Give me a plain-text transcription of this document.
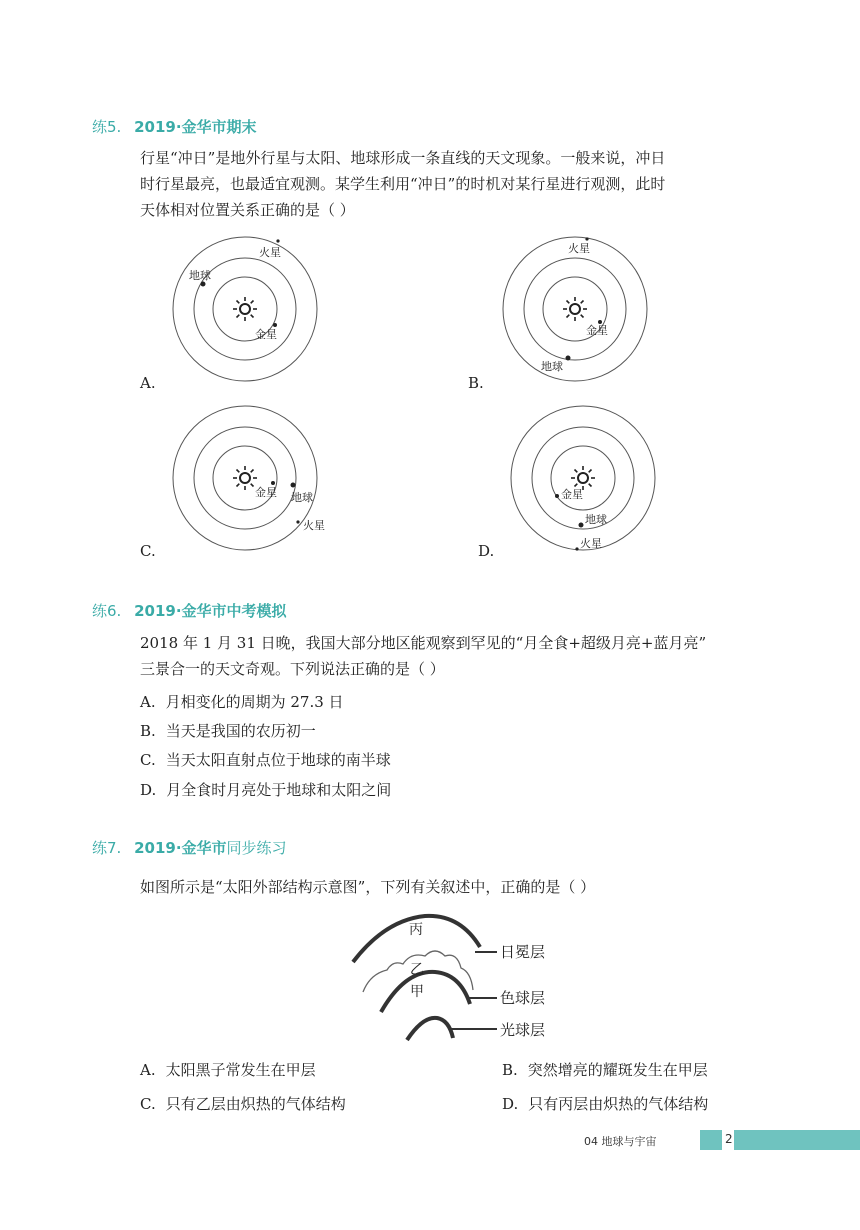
练5. 2019·金华市期末
行星“冲日”是地外行星与太阳、地球形成一条直线的天文现象。一般来说，冲日
时行星最亮，也最适宜观测。某学生利用“冲日”的时机对某行星进行观测，此时
天体相对位置关系正确的是（ ）
火星
地球
金星
A.
火星
金星
地球
B.
金星 地球
火星
C.
金星
地球
火星
D.
练6. 2019·金华市中考模拟
2018 年 1 月 31 日晚，我国大部分地区能观察到罕见的“月全食+超级月亮+蓝月亮”
三景合一的天文奇观。下列说法正确的是（ ）
A. 月相变化的周期为 27.3 日
B. 当天是我国的农历初一
C. 当天太阳直射点位于地球的南半球
D. 月全食时月亮处于地球和太阳之间
练7. 2019·金华市同步练习
如图所示是“太阳外部结构示意图”，下列有关叙述中，正确的是（ ）
丙
乙
甲
日冕层
色球层
光球层
A. 太阳黑子常发生在甲层	B. 突然增亮的耀斑发生在甲层
C. 只有乙层由炽热的气体结构	D. 只有丙层由炽热的气体结构
04 地球与宇宙	2
